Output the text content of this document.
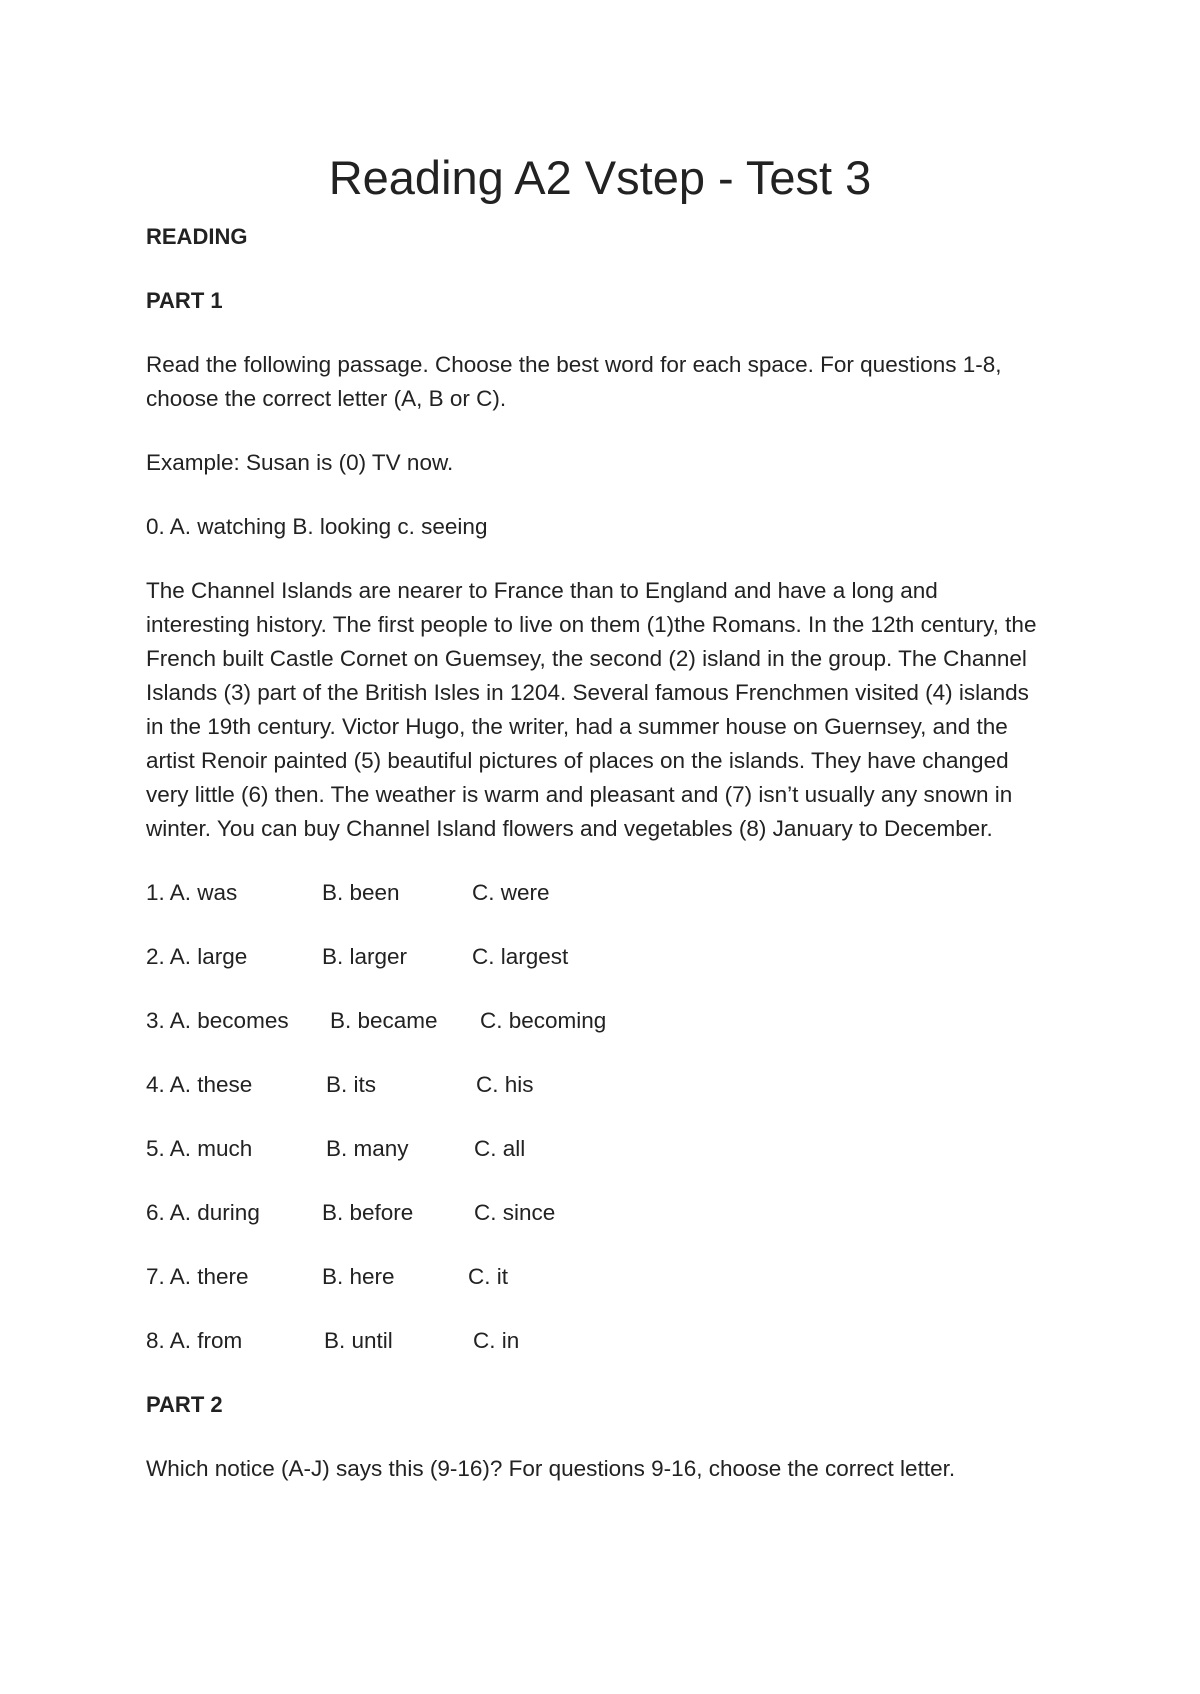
Reading A2 Vstep - Test 3
READING
PART 1

Read the following passage. Choose the best word for each space. For questions 1-8, choose the correct letter (A, B or C).

Example: Susan is (0) TV now.

0. A. watching B. looking c. seeing

The Channel Islands are nearer to France than to England and have a long and interesting history. The first people to live on them (1)the Romans. In the 12th century, the French built Castle Cornet on Guemsey, the second (2) island in the group. The Channel Islands (3) part of the British Isles in 1204. Several famous Frenchmen visited (4) islands in the 19th century. Victor Hugo, the writer, had a summer house on Guernsey, and the artist Renoir painted (5) beautiful pictures of places on the islands. They have changed very little (6) then. The weather is warm and pleasant and (7) isn’t usually any snown in winter. You can buy Channel Island flowers and vegetables (8) January to December.

1. A. was	B. been	C. were
2. A. large	B. larger	C. largest
3. A. becomes	B. became	C. becoming
4. A. these	B. its	C. his
5. A. much	B. many	C. all
6. A. during	B. before	C. since
7. A. there	B. here	C. it
8. A. from	B. until	C. in
PART 2

Which notice (A-J) says this (9-16)? For questions 9-16, choose the correct letter.
